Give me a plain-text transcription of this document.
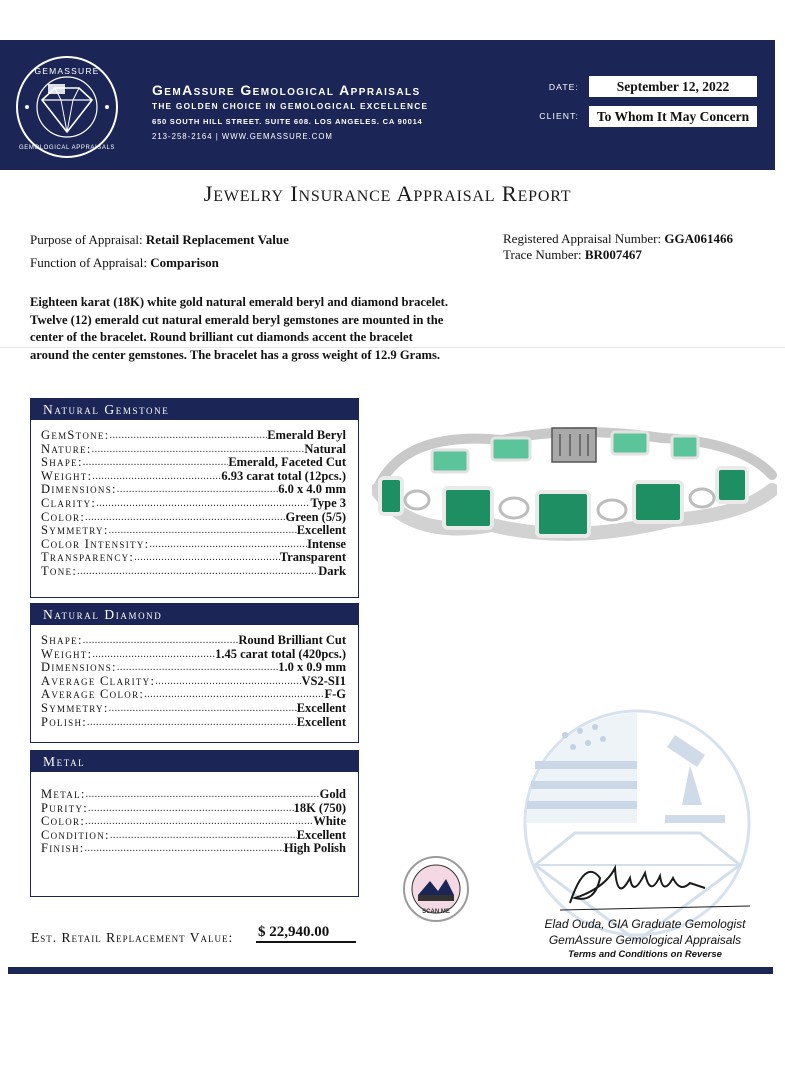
GEMASSURE
GEMOLOGICAL APPRAISALS
GemAssure Gemological Appraisals
THE GOLDEN CHOICE IN GEMOLOGICAL EXCELLENCE
650 SOUTH HILL STREET. SUITE 608. LOS ANGELES. CA 90014
213-258-2164 | WWW.GEMASSURE.COM
DATE:	September 12, 2022
CLIENT:	To Whom It May Concern
Jewelry Insurance Appraisal Report
Purpose of Appraisal: Retail Replacement Value
Function of Appraisal: Comparison
Registered Appraisal Number: GGA061466
Trace Number: BR007467
Eighteen karat (18K) white gold natural emerald beryl and diamond bracelet. Twelve (12) emerald cut natural emerald beryl gemstones are mounted in the center of the bracelet. Round brilliant cut diamonds accent the bracelet around the center gemstones. The bracelet has a gross weight of 12.9 Grams.
Natural Gemstone
GemStone: .....	Emerald Beryl
Nature: .....	Natural
Shape: .....	Emerald, Faceted Cut
Weight: .....	6.93 carat total (12pcs.)
Dimensions: .....	6.0 x 4.0 mm
Clarity: .....	Type 3
Color: .....	Green (5/5)
Symmetry: .....	Excellent
Color Intensity: .....	Intense
Transparency: .....	Transparent
Tone: .....	Dark
Natural Diamond
Shape: .....	Round Brilliant Cut
Weight: .....	1.45 carat total (420pcs.)
Dimensions: .....	1.0 x 0.9 mm
Average Clarity: .....	VS2-SI1
Average Color: .....	F-G
Symmetry: .....	Excellent
Polish: .....	Excellent
Metal
Metal: .....	Gold
Purity: .....	18K (750)
Color: .....	White
Condition: .....	Excellent
Finish: .....	High Polish
SCAN ME
Elad Ouda, GIA Graduate Gemologist
GemAssure Gemological Appraisals
Terms and Conditions on Reverse
Est. Retail Replacement Value: $ 22,940.00
